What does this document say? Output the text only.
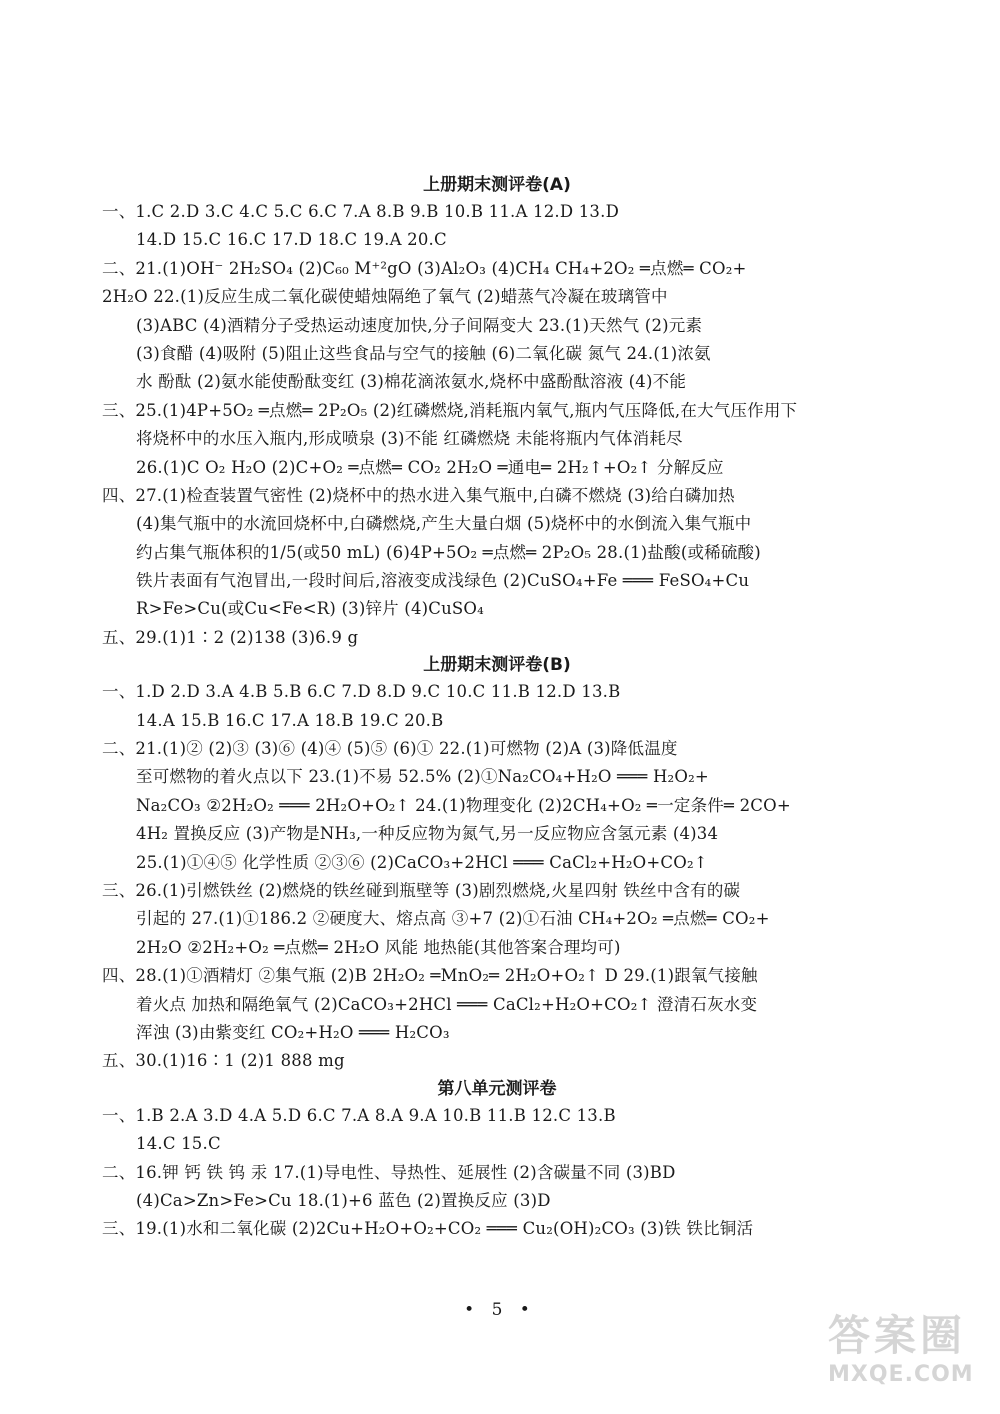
上册期末测评卷(A)
一、1.C 2.D 3.C 4.C 5.C 6.C 7.A 8.B 9.B 10.B 11.A 12.D 13.D
14.D 15.C 16.C 17.D 18.C 19.A 20.C
二、21.(1)OH⁻ 2H₂SO₄ (2)C₆₀ M⁺²gO (3)Al₂O₃ (4)CH₄ CH₄+2O₂ ═点燃═ CO₂+
2H₂O 22.(1)反应生成二氧化碳使蜡烛隔绝了氧气 (2)蜡蒸气冷凝在玻璃管中
(3)ABC (4)酒精分子受热运动速度加快,分子间隔变大 23.(1)天然气 (2)元素
(3)食醋 (4)吸附 (5)阻止这些食品与空气的接触 (6)二氧化碳 氮气 24.(1)浓氨
水 酚酞 (2)氨水能使酚酞变红 (3)棉花滴浓氨水,烧杯中盛酚酞溶液 (4)不能
三、25.(1)4P+5O₂ ═点燃═ 2P₂O₅ (2)红磷燃烧,消耗瓶内氧气,瓶内气压降低,在大气压作用下
将烧杯中的水压入瓶内,形成喷泉 (3)不能 红磷燃烧 未能将瓶内气体消耗尽
26.(1)C O₂ H₂O (2)C+O₂ ═点燃═ CO₂ 2H₂O ═通电═ 2H₂↑+O₂↑ 分解反应
四、27.(1)检查装置气密性 (2)烧杯中的热水进入集气瓶中,白磷不燃烧 (3)给白磷加热
(4)集气瓶中的水流回烧杯中,白磷燃烧,产生大量白烟 (5)烧杯中的水倒流入集气瓶中
约占集气瓶体积的1/5(或50 mL) (6)4P+5O₂ ═点燃═ 2P₂O₅ 28.(1)盐酸(或稀硫酸)
铁片表面有气泡冒出,一段时间后,溶液变成浅绿色 (2)CuSO₄+Fe ═══ FeSO₄+Cu
R>Fe>Cu(或Cu<Fe<R) (3)锌片 (4)CuSO₄
五、29.(1)1∶2 (2)138 (3)6.9 g
上册期末测评卷(B)
一、1.D 2.D 3.A 4.B 5.B 6.C 7.D 8.D 9.C 10.C 11.B 12.D 13.B
14.A 15.B 16.C 17.A 18.B 19.C 20.B
二、21.(1)② (2)③ (3)⑥ (4)④ (5)⑤ (6)① 22.(1)可燃物 (2)A (3)降低温度
至可燃物的着火点以下 23.(1)不易 52.5% (2)①Na₂CO₄+H₂O ═══ H₂O₂+
Na₂CO₃ ②2H₂O₂ ═══ 2H₂O+O₂↑ 24.(1)物理变化 (2)2CH₄+O₂ ═一定条件═ 2CO+
4H₂ 置换反应 (3)产物是NH₃,一种反应物为氮气,另一反应物应含氢元素 (4)34
25.(1)①④⑤ 化学性质 ②③⑥ (2)CaCO₃+2HCl ═══ CaCl₂+H₂O+CO₂↑
三、26.(1)引燃铁丝 (2)燃烧的铁丝碰到瓶壁等 (3)剧烈燃烧,火星四射 铁丝中含有的碳
引起的 27.(1)①186.2 ②硬度大、熔点高 ③+7 (2)①石油 CH₄+2O₂ ═点燃═ CO₂+
2H₂O ②2H₂+O₂ ═点燃═ 2H₂O 风能 地热能(其他答案合理均可)
四、28.(1)①酒精灯 ②集气瓶 (2)B 2H₂O₂ ═MnO₂═ 2H₂O+O₂↑ D 29.(1)跟氧气接触
着火点 加热和隔绝氧气 (2)CaCO₃+2HCl ═══ CaCl₂+H₂O+CO₂↑ 澄清石灰水变
浑浊 (3)由紫变红 CO₂+H₂O ═══ H₂CO₃
五、30.(1)16∶1 (2)1 888 mg
第八单元测评卷
一、1.B 2.A 3.D 4.A 5.D 6.C 7.A 8.A 9.A 10.B 11.B 12.C 13.B
14.C 15.C
二、16.钾 钙 铁 钨 汞 17.(1)导电性、导热性、延展性 (2)含碳量不同 (3)BD
(4)Ca>Zn>Fe>Cu 18.(1)+6 蓝色 (2)置换反应 (3)D
三、19.(1)水和二氧化碳 (2)2Cu+H₂O+O₂+CO₂ ═══ Cu₂(OH)₂CO₃ (3)铁 铁比铜活
• 5 •
答案圈
MXQE.COM
